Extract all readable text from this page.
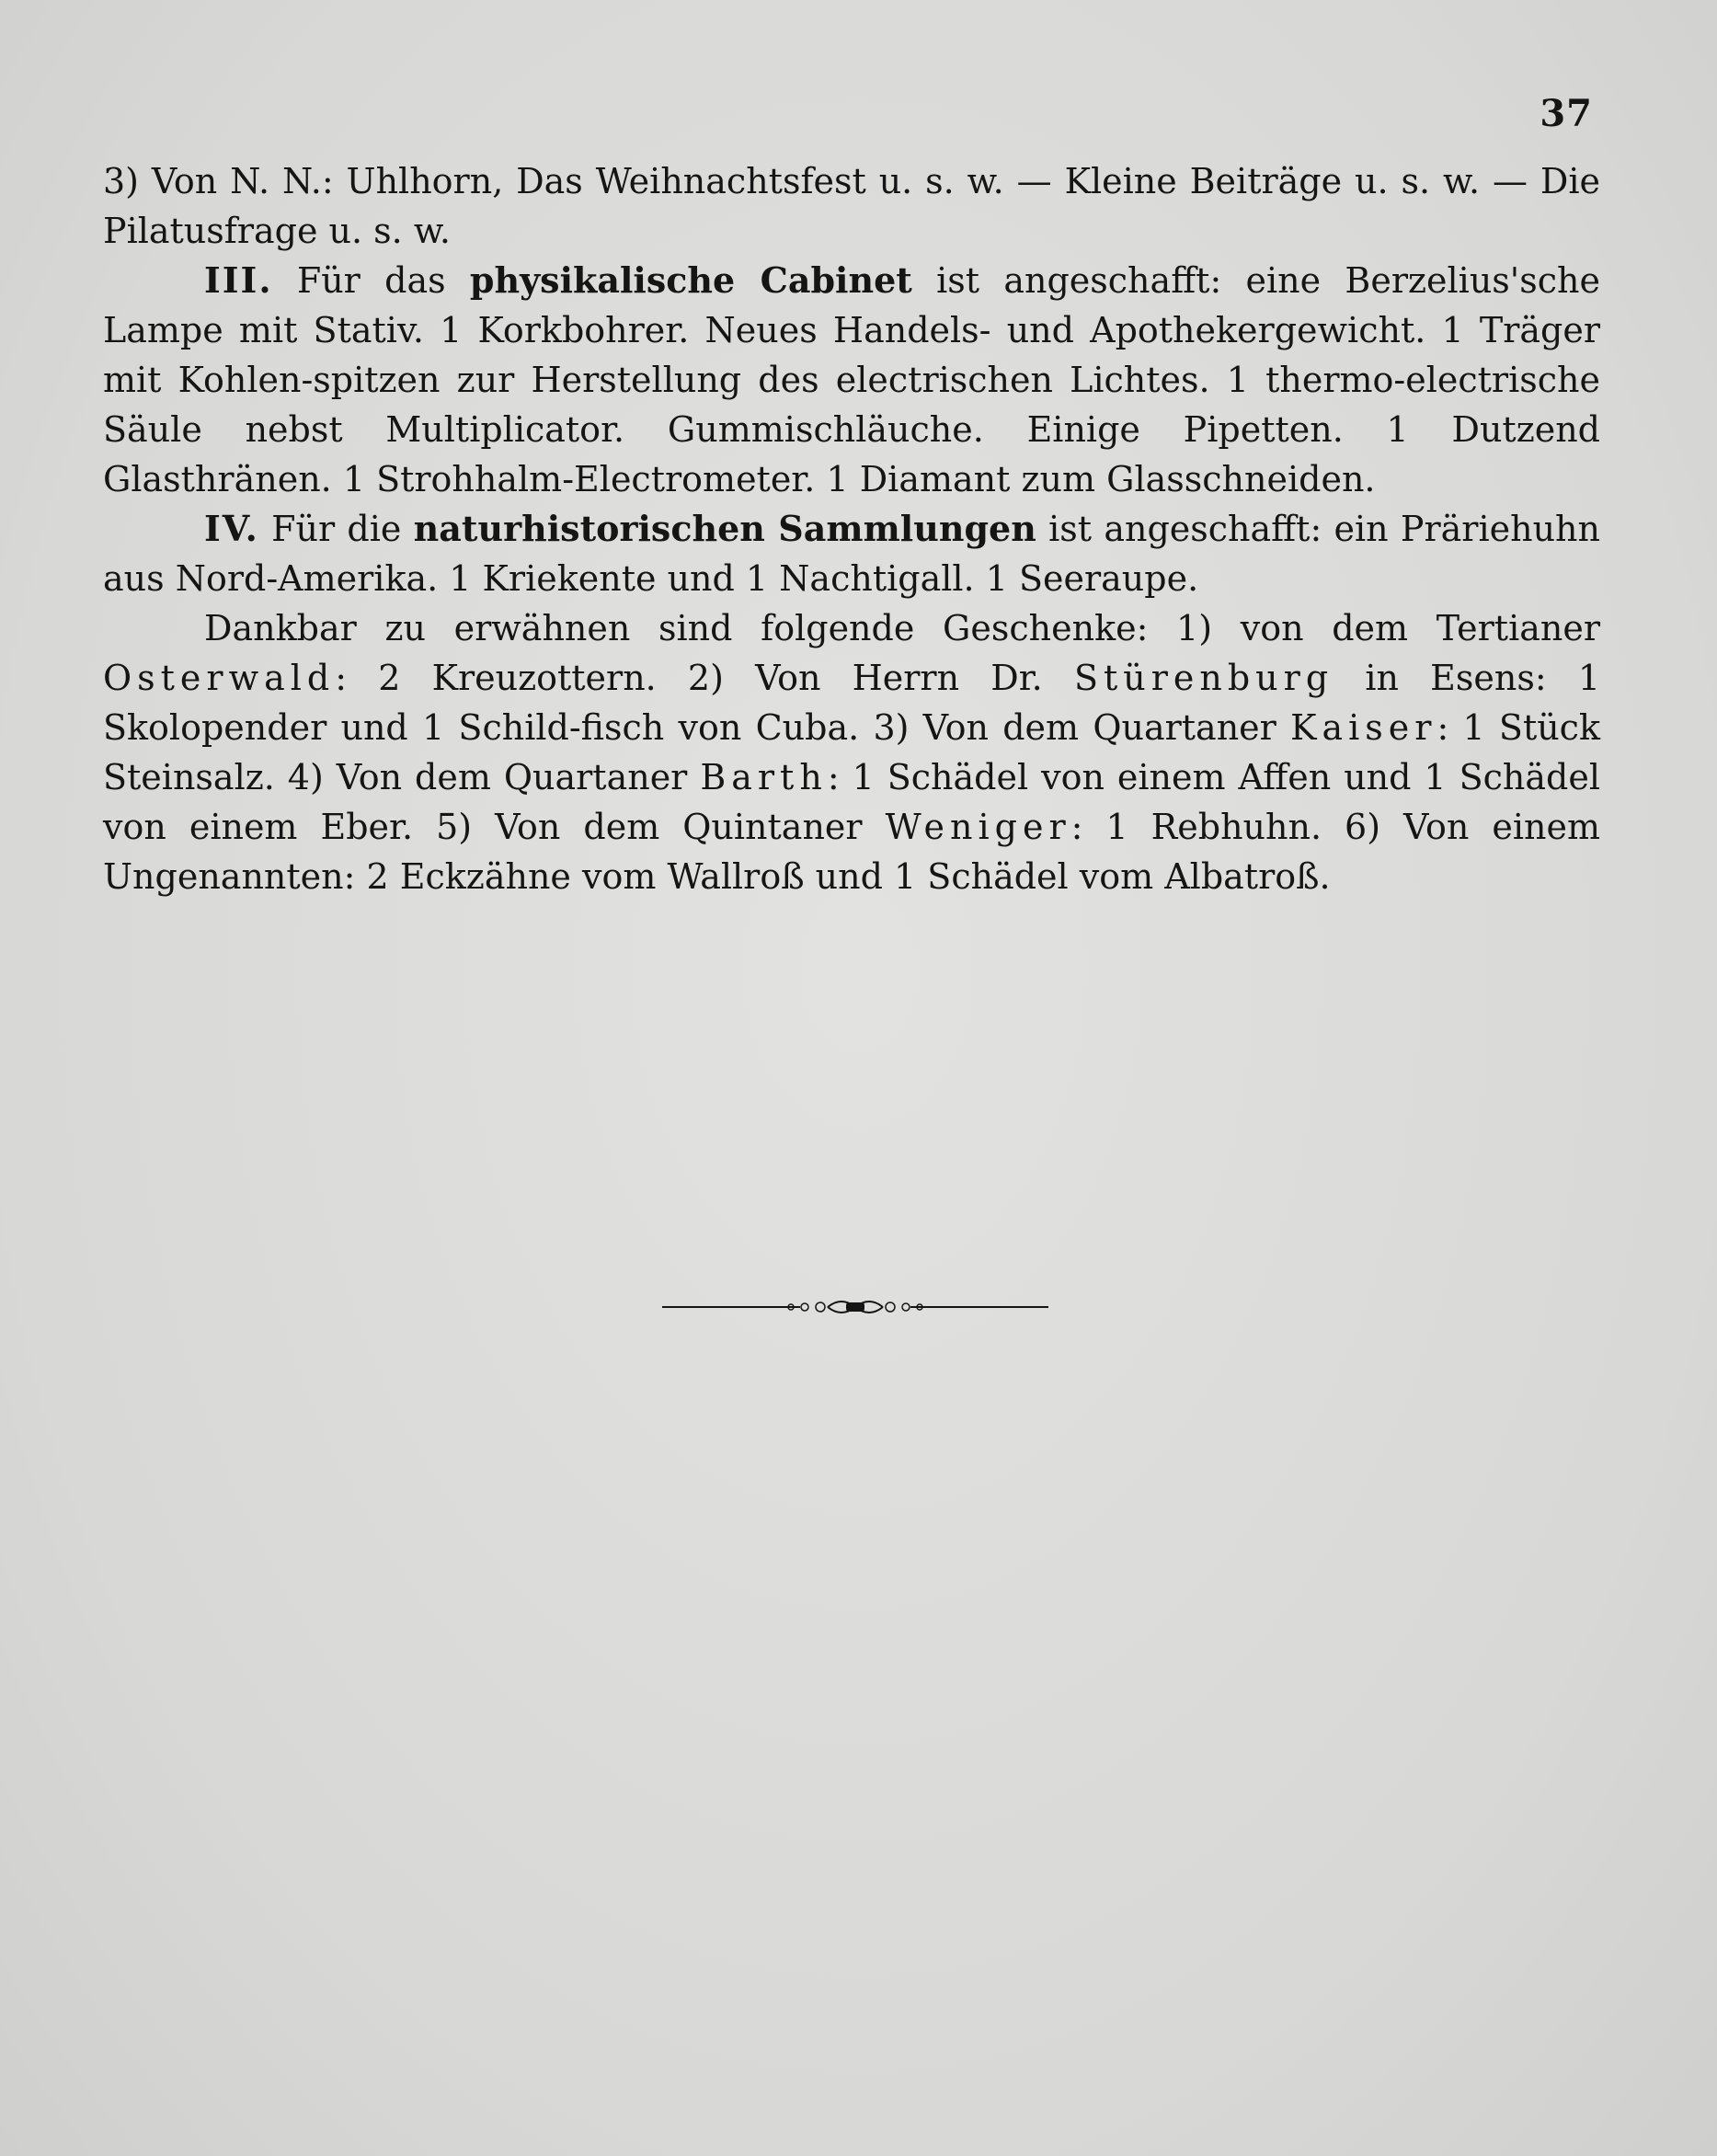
37

3) Von N. N.: Uhlhorn, Das Weihnachtsfest u. s. w. — Kleine Beiträge u. s. w. — Die Pilatusfrage u. s. w.

III. Für das physikalische Cabinet ist angeschafft: eine Berzelius'sche Lampe mit Stativ. 1 Korkbohrer. Neues Handels- und Apothekergewicht. 1 Träger mit Kohlen-spitzen zur Herstellung des electrischen Lichtes. 1 thermo-electrische Säule nebst Multiplicator. Gummischläuche. Einige Pipetten. 1 Dutzend Glasthränen. 1 Strohhalm-Electrometer. 1 Diamant zum Glasschneiden.

IV. Für die naturhistorischen Sammlungen ist angeschafft: ein Präriehuhn aus Nord-Amerika. 1 Kriekente und 1 Nachtigall. 1 Seeraupe.

Dankbar zu erwähnen sind folgende Geschenke: 1) von dem Tertianer Osterwald: 2 Kreuzottern. 2) Von Herrn Dr. Stürenburg in Esens: 1 Skolopender und 1 Schild-fisch von Cuba. 3) Von dem Quartaner Kaiser: 1 Stück Steinsalz. 4) Von dem Quartaner Barth: 1 Schädel von einem Affen und 1 Schädel von einem Eber. 5) Von dem Quintaner Weniger: 1 Rebhuhn. 6) Von einem Ungenannten: 2 Eckzähne vom Wallroß und 1 Schädel vom Albatroß.
